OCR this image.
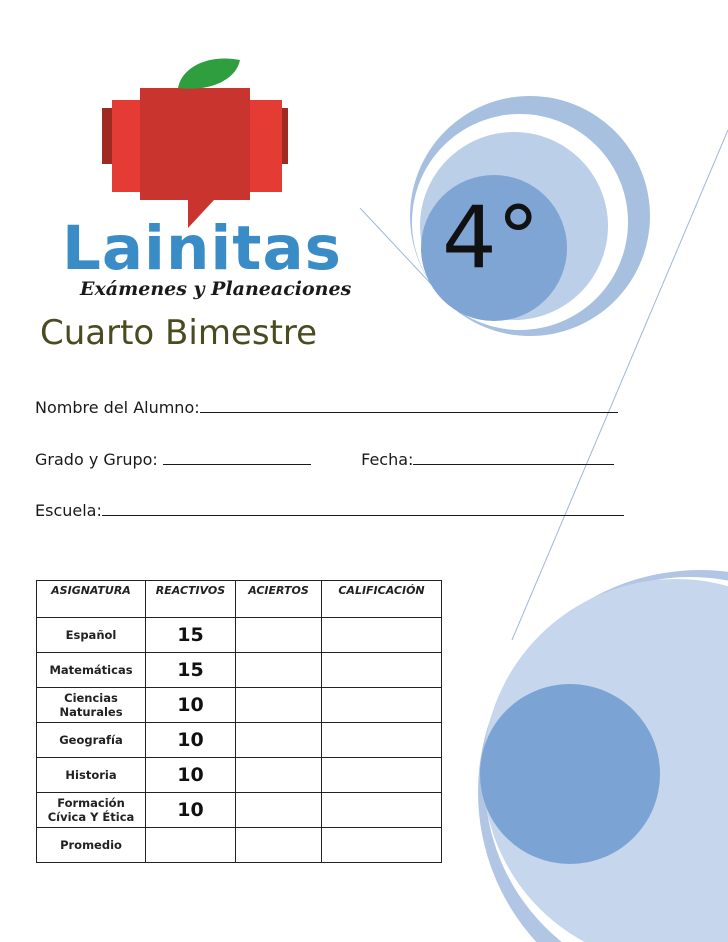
Lainitas
Exámenes y Planeaciones
4°
Cuarto Bimestre
Nombre del Alumno:
Grado y Grupo:	Fecha:
Escuela:
ASIGNATURA	REACTIVOS	ACIERTOS	CALIFICACIÓN
Español	15		
Matemáticas	15		
Ciencias Naturales	10		
Geografía	10		
Historia	10		
Formación Cívica Y Ética	10		
Promedio			
